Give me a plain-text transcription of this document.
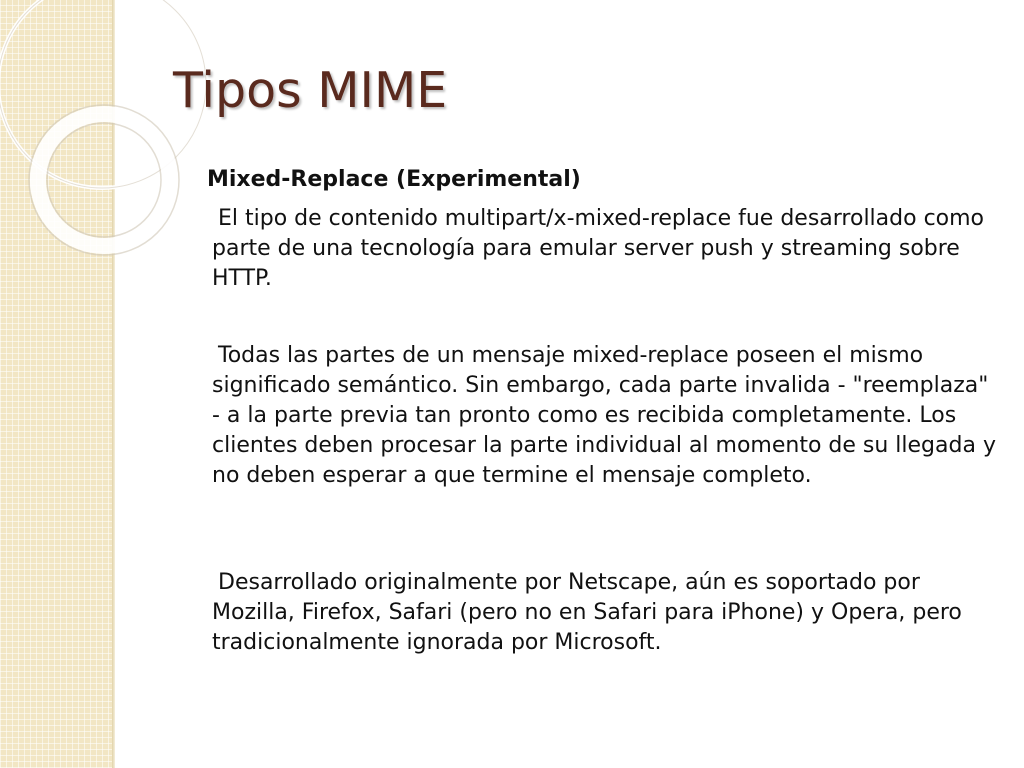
Tipos MIME

Mixed-Replace (Experimental)

El tipo de contenido multipart/x-mixed-replace fue desarrollado como parte de una tecnología para emular server push y streaming sobre HTTP.

Todas las partes de un mensaje mixed-replace poseen el mismo significado semántico. Sin embargo, cada parte invalida - "reemplaza" - a la parte previa tan pronto como es recibida completamente. Los clientes deben procesar la parte individual al momento de su llegada y no deben esperar a que termine el mensaje completo.

Desarrollado originalmente por Netscape, aún es soportado por Mozilla, Firefox, Safari (pero no en Safari para iPhone) y Opera, pero tradicionalmente ignorada por Microsoft.
